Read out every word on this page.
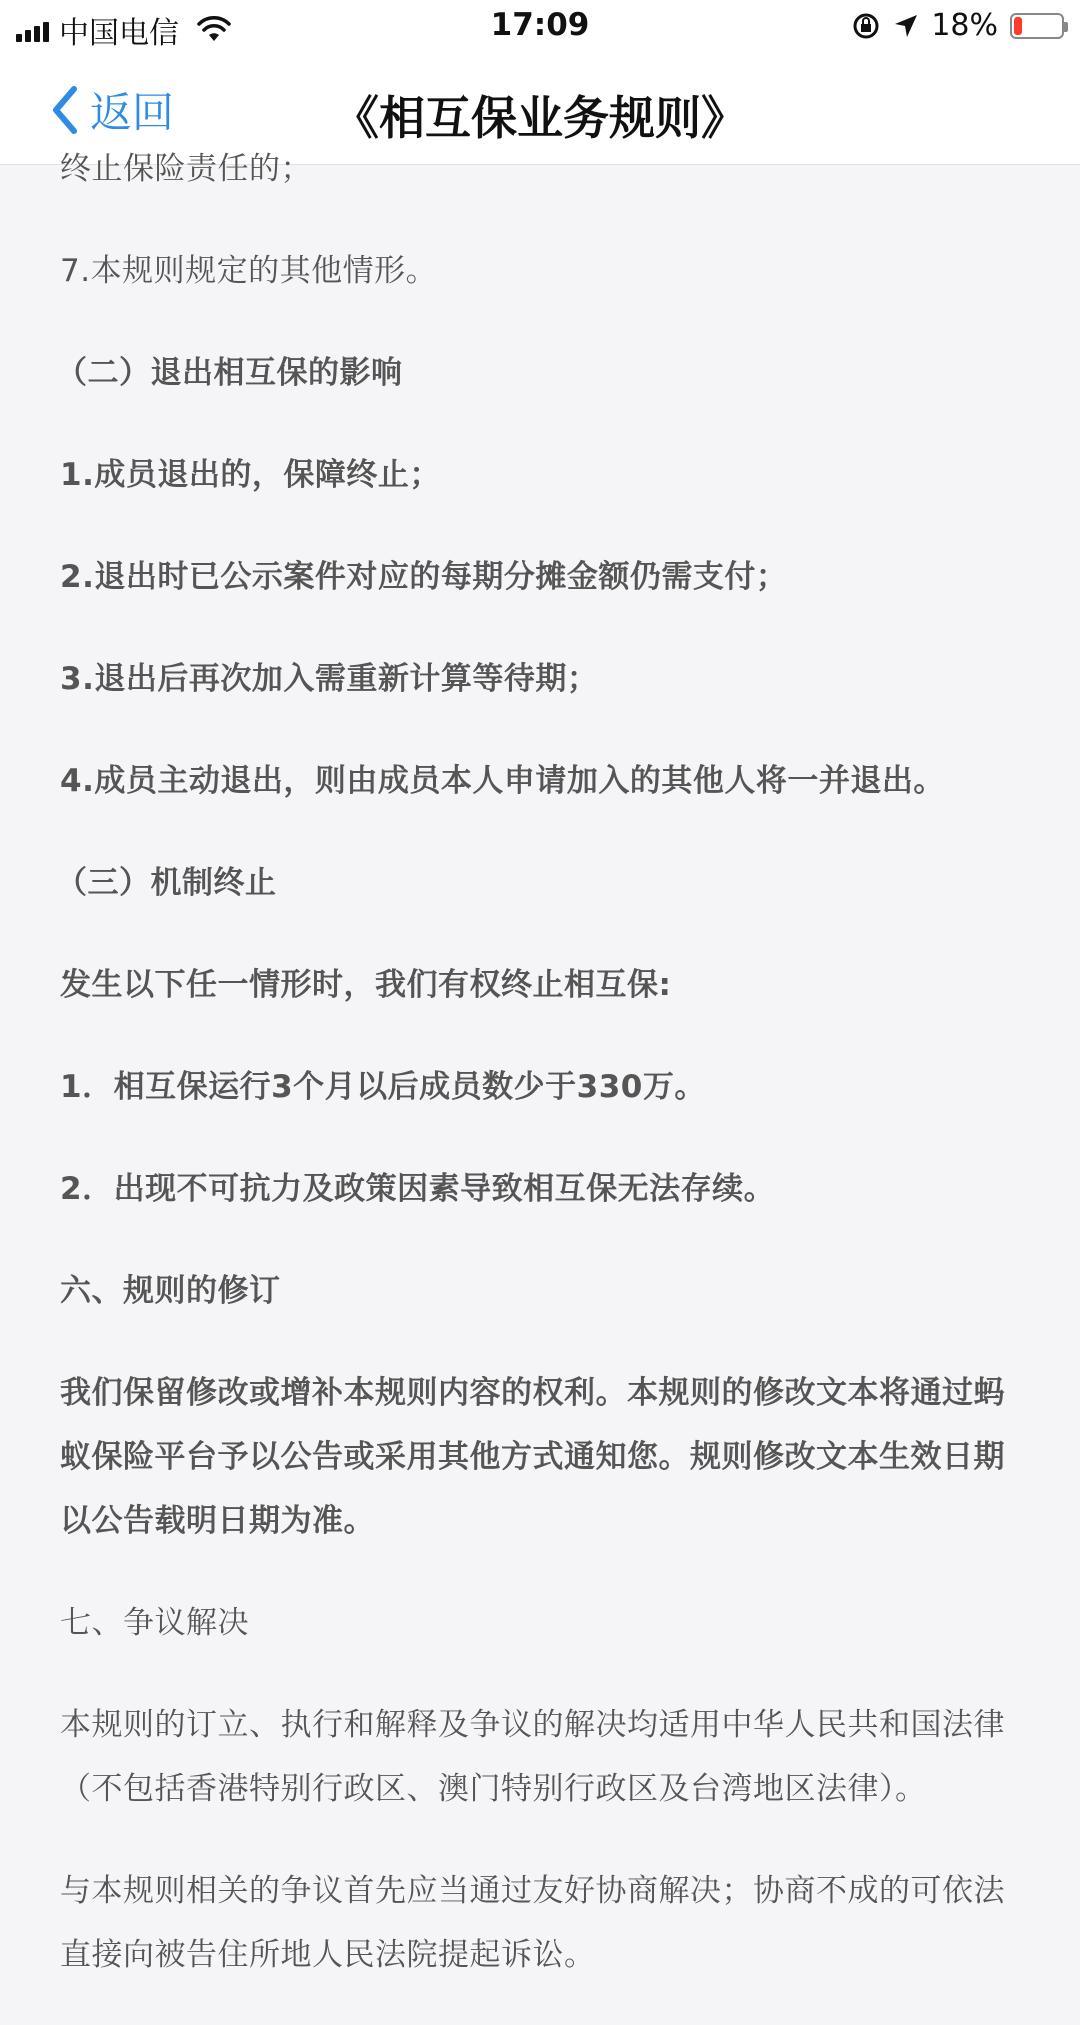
中国电信	17:09	18%
返回	《相互保业务规则》

终止保险责任的；

7.本规则规定的其他情形。

（二）退出相互保的影响

1.成员退出的，保障终止；

2.退出时已公示案件对应的每期分摊金额仍需支付；

3.退出后再次加入需重新计算等待期；

4.成员主动退出，则由成员本人申请加入的其他人将一并退出。

（三）机制终止

发生以下任一情形时，我们有权终止相互保:

1．相互保运行3个月以后成员数少于330万。

2．出现不可抗力及政策因素导致相互保无法存续。

六、规则的修订

我们保留修改或增补本规则内容的权利。本规则的修改文本将通过蚂蚁保险平台予以公告或采用其他方式通知您。规则修改文本生效日期以公告载明日期为准。

七、争议解决

本规则的订立、执行和解释及争议的解决均适用中华人民共和国法律（不包括香港特别行政区、澳门特别行政区及台湾地区法律）。

与本规则相关的争议首先应当通过友好协商解决；协商不成的可依法直接向被告住所地人民法院提起诉讼。
